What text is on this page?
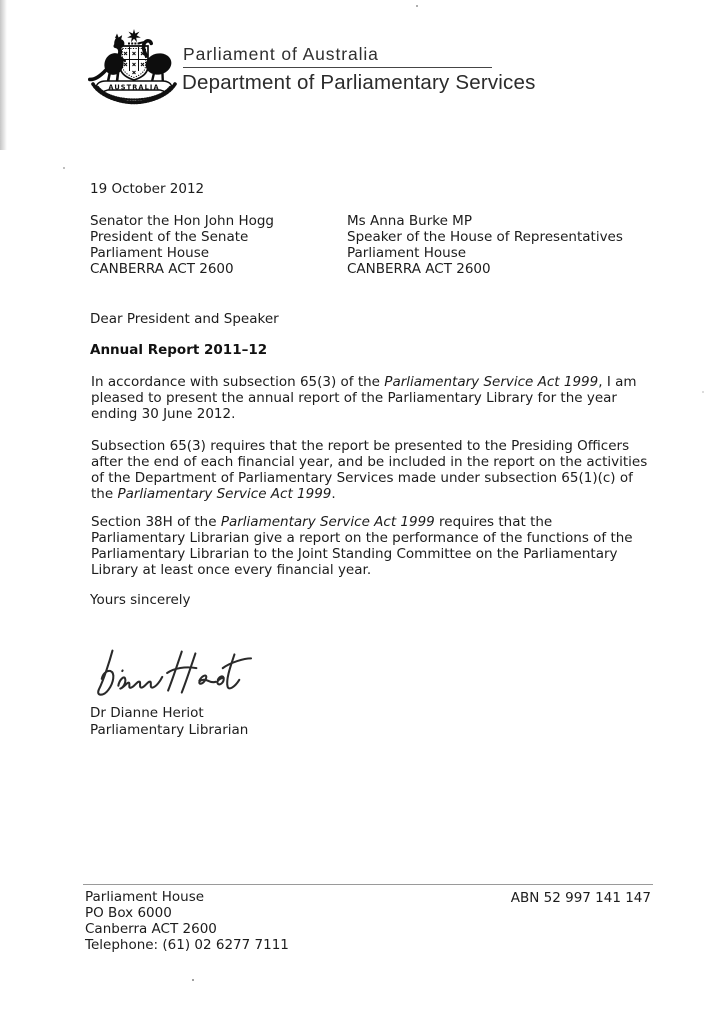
AUSTRALIA
Parliament of Australia
Department of Parliamentary Services
19 October 2012
Senator the Hon John Hogg
President of the Senate
Parliament House
CANBERRA ACT 2600
Ms Anna Burke MP
Speaker of the House of Representatives
Parliament House
CANBERRA ACT 2600
Dear President and Speaker
Annual Report 2011–12
In accordance with subsection 65(3) of the Parliamentary Service Act 1999, I am pleased to present the annual report of the Parliamentary Library for the year ending 30 June 2012.
Subsection 65(3) requires that the report be presented to the Presiding Officers after the end of each financial year, and be included in the report on the activities of the Department of Parliamentary Services made under subsection 65(1)(c) of the Parliamentary Service Act 1999.
Section 38H of the Parliamentary Service Act 1999 requires that the Parliamentary Librarian give a report on the performance of the functions of the Parliamentary Librarian to the Joint Standing Committee on the Parliamentary Library at least once every financial year.
Yours sincerely
Dr Dianne Heriot
Parliamentary Librarian
Parliament House
PO Box 6000
Canberra ACT 2600
Telephone: (61) 02 6277 7111
ABN 52 997 141 147
